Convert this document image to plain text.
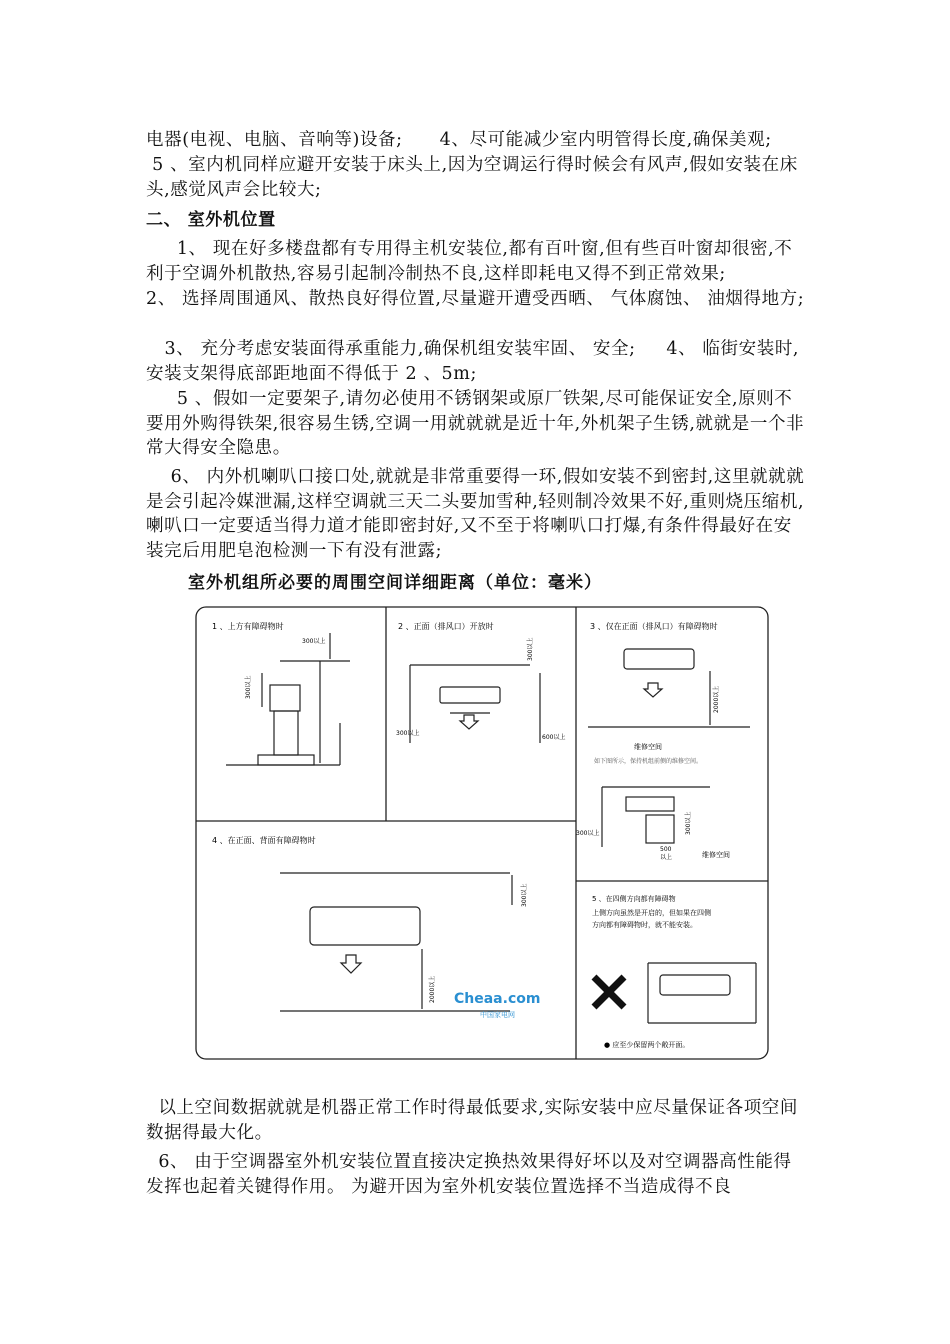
电器(电视、电脑、音响等)设备;      4、尽可能减少室内明管得长度,确保美观;

5 、室内机同样应避开安装于床头上,因为空调运行得时候会有风声,假如安装在床头,感觉风声会比较大;

二、 室外机位置

1、 现在好多楼盘都有专用得主机安装位,都有百叶窗,但有些百叶窗却很密,不利于空调外机散热,容易引起制冷制热不良,这样即耗电又得不到正常效果;

2、 选择周围通风、散热良好得位置,尽量避开遭受西晒、 气体腐蚀、 油烟得地方;

3、 充分考虑安装面得承重能力,确保机组安装牢固、 安全;     4、 临街安装时,安装支架得底部距地面不得低于 2 、5m;

5 、假如一定要架子,请勿必使用不锈钢架或原厂铁架,尽可能保证安全,原则不要用外购得铁架,很容易生锈,空调一用就就就是近十年,外机架子生锈,就就是一个非常大得安全隐患。

6、 内外机喇叭口接口处,就就是非常重要得一环,假如安装不到密封,这里就就就是会引起冷媒泄漏,这样空调就三天二头要加雪种,轻则制冷效果不好,重则烧压缩机,喇叭口一定要适当得力道才能即密封好,又不至于将喇叭口打爆,有条件得最好在安装完后用肥皂泡检测一下有没有泄露;

室外机组所必要的周围空间详细距离（单位：毫米）
1 、上方有障碍物时
300以上
300以上
2 、正面（排风口）开放时
300以上
300以上
600以上
3 、仅在正面（排风口）有障碍物时
2000以上
维修空间
如下图所示，保持机组前侧的维修空间。
300以上	300以上
500
以上	维修空间
4 、在正面、背面有障碍物时
300以上
2000以上 Cheaa.com
中国家电网
5 、在四侧方向都有障碍物
上侧方向虽然是开启的，但如果在四侧
方向都有障碍物时，就不能安装。
● 应至少保留两个敞开面。

以上空间数据就就是机器正常工作时得最低要求,实际安装中应尽量保证各项空间数据得最大化。

6、 由于空调器室外机安装位置直接决定换热效果得好坏以及对空调器高性能得发挥也起着关键得作用。 为避开因为室外机安装位置选择不当造成得不良
